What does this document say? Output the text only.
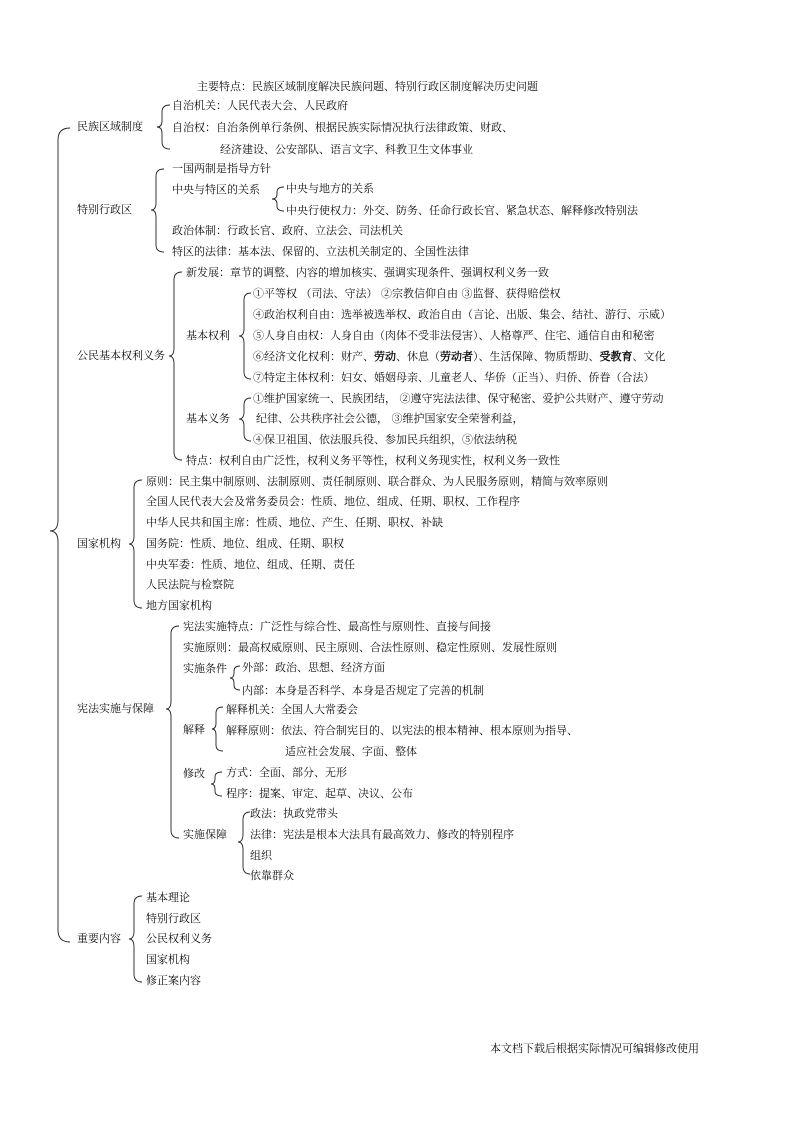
主要特点：民族区域制度解决民族问题、特别行政区制度解决历史问题
民族区域制度
自治机关：人民代表大会、人民政府
自治权：自治条例单行条例、根据民族实际情况执行法律政策、财政、
经济建设、公安部队、语言文字、科教卫生文体事业
特别行政区
一国两制是指导方针
中央与特区的关系 中央与地方的关系
中央行使权力：外交、防务、任命行政长官、紧急状态、解释修改特别法
政治体制：行政长官、政府、立法会、司法机关
特区的法律：基本法、保留的、立法机关制定的、全国性法律
公民基本权利义务
新发展：章节的调整、内容的增加核实、强调实现条件、强调权利义务一致
基本权利
①平等权 （司法、守法） ②宗教信仰自由 ③监督、获得赔偿权
④政治权利自由：选举被选举权、政治自由（言论、出版、集会、结社、游行、示威）
⑤人身自由权：人身自由（肉体不受非法侵害）、人格尊严、住宅、通信自由和秘密
⑥经济文化权利：财产、劳动、休息（劳动者）、生活保障、物质帮助、受教育、文化
⑦特定主体权利：妇女、婚姻母亲、儿童老人、华侨（正当）、归侨、侨眷（合法）
基本义务
①维护国家统一、民族团结， ②遵守宪法法律、保守秘密、爱护公共财产、遵守劳动
纪律、公共秩序社会公德， ③维护国家安全荣誉利益，
④保卫祖国、依法服兵役、参加民兵组织，⑤依法纳税
特点：权利自由广泛性，权利义务平等性，权利义务现实性，权利义务一致性
国家机构
原则：民主集中制原则、法制原则、责任制原则、联合群众、为人民服务原则，精简与效率原则
全国人民代表大会及常务委员会：性质、地位、组成、任期、职权、工作程序
中华人民共和国主席：性质、地位、产生、任期、职权、补缺
国务院：性质、地位、组成、任期、职权
中央军委：性质、地位、组成、任期、责任
人民法院与检察院
地方国家机构
宪法实施与保障
宪法实施特点：广泛性与综合性、最高性与原则性、直接与间接
实施原则：最高权威原则、民主原则、合法性原则、稳定性原则、发展性原则
实施条件 外部：政治、思想、经济方面
内部：本身是否科学、本身是否规定了完善的机制
解释
解释机关：全国人大常委会
解释原则：依法、符合制宪目的、以宪法的根本精神、根本原则为指导、
适应社会发展、字面、整体
修改 方式：全面、部分、无形
程序：提案、审定、起草、决议、公布
实施保障
政法：执政党带头
法律：宪法是根本大法具有最高效力、修改的特别程序
组织
依靠群众
重要内容
基本理论
特别行政区
公民权利义务
国家机构
修正案内容
本文档下载后根据实际情况可编辑修改使用
